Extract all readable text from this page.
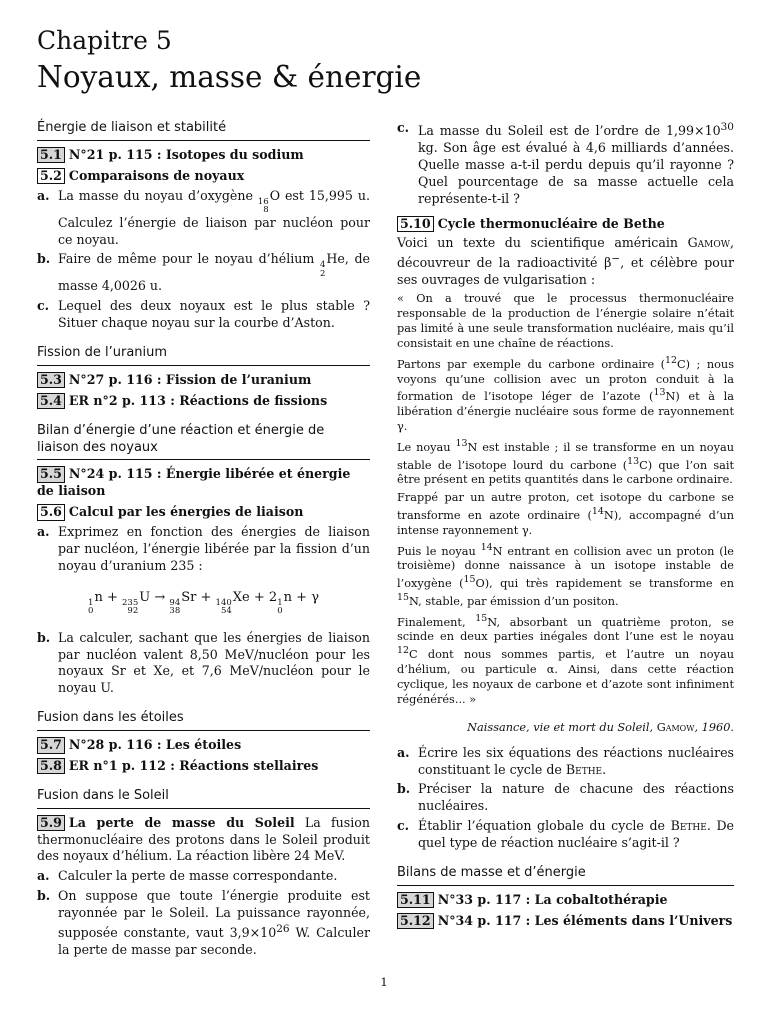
Chapitre 5
Noyaux, masse & énergie
Énergie de liaison et stabilité
5.1 N°21 p. 115 : Isotopes du sodium
5.2 Comparaisons de noyaux
a. La masse du noyau d’oxygène 16
8
O est 15,995 u. Calculez l’énergie de liaison par nucléon pour ce noyau.
b. Faire de même pour le noyau d’hélium 4
2
He, de masse 4,0026 u.
c. Lequel des deux noyaux est le plus stable ? Situer chaque noyau sur la courbe d’Aston.
Fission de l’uranium
5.3 N°27 p. 116 : Fission de l’uranium
5.4 ER n°2 p. 113 : Réactions de fissions
Bilan d’énergie d’une réaction et énergie de liaison des noyaux
5.5 N°24 p. 115 : Énergie libérée et énergie de liaison
5.6 Calcul par les énergies de liaison
a. Exprimez en fonction des énergies de liaison par nucléon, l’énergie libérée par la fission d’un noyau d’uranium 235 :
1
0
n + 235
92
U → 94
38
Sr + 140
54
Xe + 2 1
0
n + γ
b. La calculer, sachant que les énergies de liaison par nucléon valent 8,50 MeV/nucléon pour les noyaux Sr et Xe, et 7,6 MeV/nucléon pour le noyau U.
Fusion dans les étoiles
5.7 N°28 p. 116 : Les étoiles
5.8 ER n°1 p. 112 : Réactions stellaires
Fusion dans le Soleil

5.9 La perte de masse du Soleil La fusion thermonucléaire des protons dans le Soleil produit des noyaux d’hélium. La réaction libère 24 MeV.

a. Calculer la perte de masse correspondante.
b. On suppose que toute l’énergie produite est rayonnée par le Soleil. La puissance rayonnée, supposée constante, vaut $3,9\times 10^{26}$ W. Calculer la perte de masse par seconde.
c. La masse du Soleil est de l’ordre de $1,99\times 10^{30}$ kg. Son âge est évalué à 4,6 milliards d’années. Quelle masse a-t-il perdu depuis qu’il rayonne ? Quel pourcentage de sa masse actuelle cela représente-t-il ?
5.10 Cycle thermonucléaire de Bethe

Voici un texte du scientifique américain Gamow, découvreur de la radioactivité β−, et célèbre pour ses ouvrages de vulgarisation :

« On a trouvé que le processus thermonucléaire responsable de la production de l’énergie solaire n’était pas limité à une seule transformation nucléaire, mais qu’il consistait en une chaîne de réactions.

Partons par exemple du carbone ordinaire ($^{12}$C) ; nous voyons qu’une collision avec un proton conduit à la formation de l’isotope léger de l’azote ($^{13}$N) et à la libération d’énergie nucléaire sous forme de rayonnement γ.

Le noyau $^{13}$N est instable ; il se transforme en un noyau stable de l’isotope lourd du carbone ($^{13}$C) que l’on sait être présent en petits quantités dans le carbone ordinaire.

Frappé par un autre proton, cet isotope du carbone se transforme en azote ordinaire ($^{14}$N), accompagné d’un intense rayonnement γ.

Puis le noyau $^{14}$N entrant en collision avec un proton (le troisième) donne naissance à un isotope instable de l’oxygène ($^{15}$O), qui très rapidement se transforme en $^{15}$N, stable, par émission d’un positon.

Finalement, $^{15}$N, absorbant un quatrième proton, se scinde en deux parties inégales dont l’une est le noyau $^{12}$C dont nous sommes partis, et l’autre un noyau d’hélium, ou particule α. Ainsi, dans cette réaction cyclique, les noyaux de carbone et d’azote sont infiniment régénérés... »

Naissance, vie et mort du Soleil, Gamow, 1960.
a. Écrire les six équations des réactions nucléaires constituant le cycle de Bethe.
b. Préciser la nature de chacune des réactions nucléaires.
c. Établir l’équation globale du cycle de Bethe. De quel type de réaction nucléaire s’agit-il ?
Bilans de masse et d’énergie
5.11 N°33 p. 117 : La cobaltothérapie
5.12 N°34 p. 117 : Les éléments dans l’Univers
1
